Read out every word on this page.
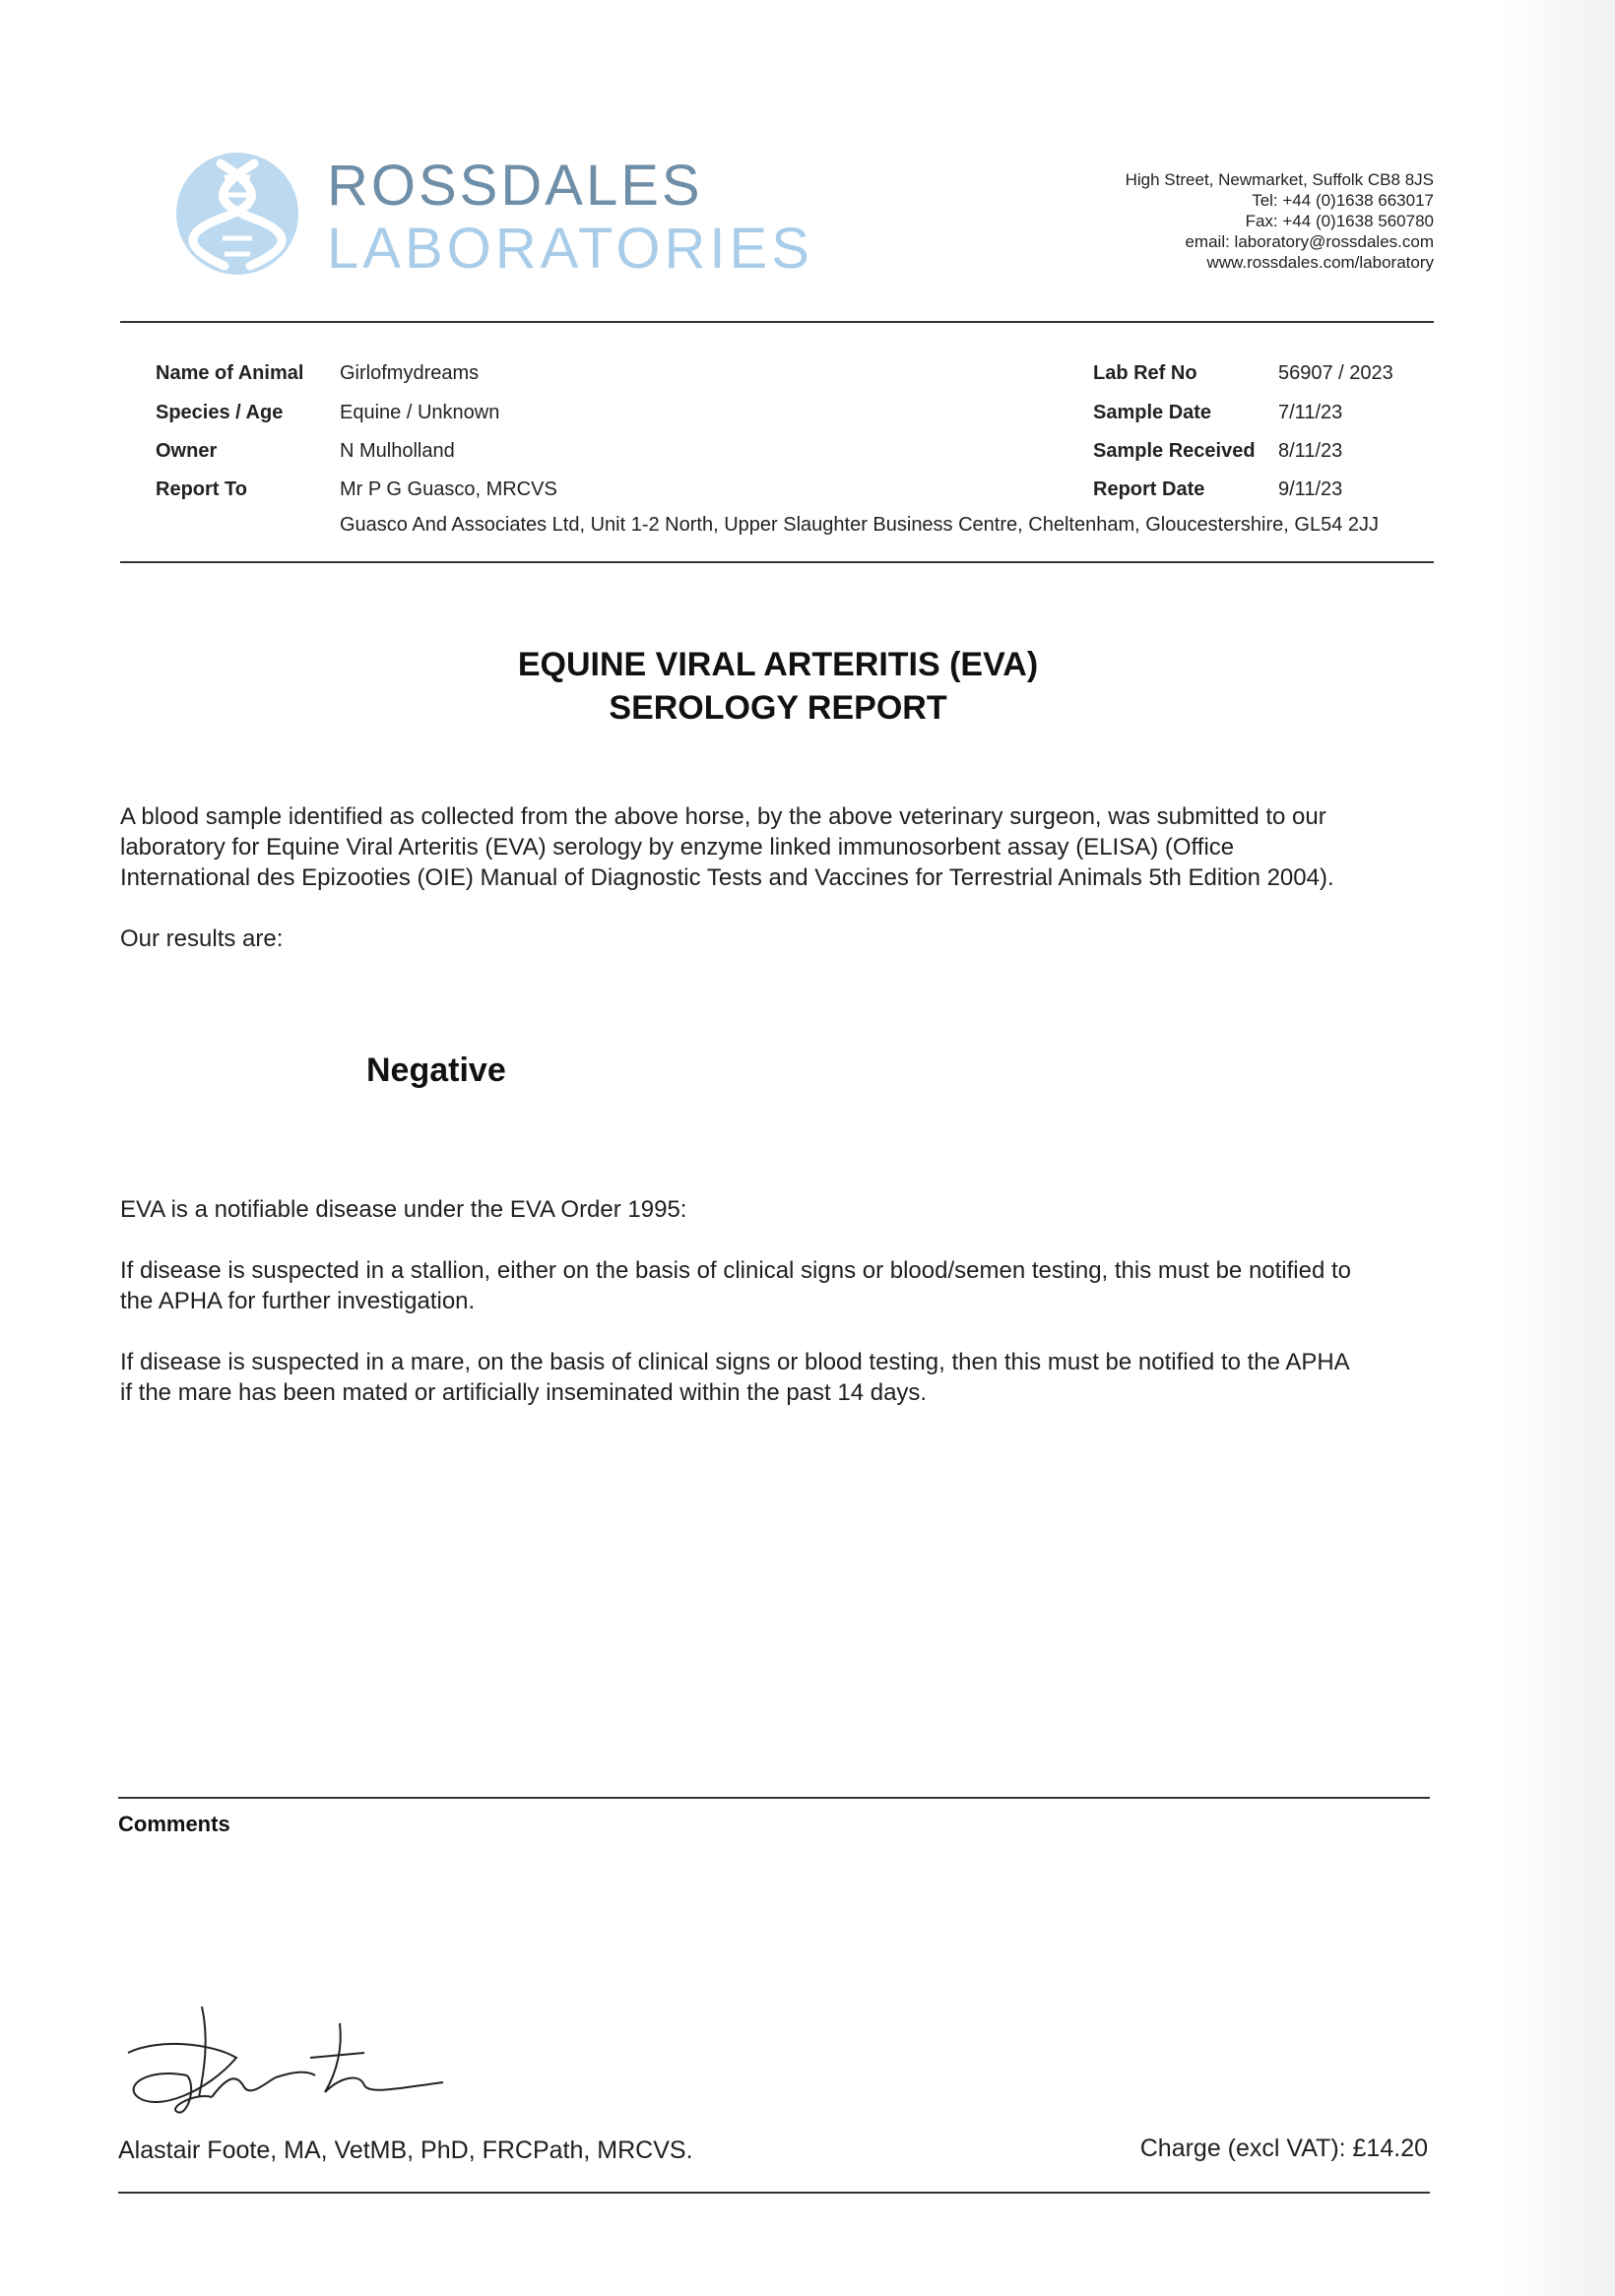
ROSSDALES
LABORATORIES
High Street, Newmarket, Suffolk CB8 8JS
Tel: +44 (0)1638 663017
Fax: +44 (0)1638 560780
email: laboratory@rossdales.com
www.rossdales.com/laboratory
Name of Animal Girlofmydreams
Species / Age	Equine / Unknown
Owner	N Mulholland
Report To	Mr P G Guasco, MRCVS
Guasco And Associates Ltd, Unit 1-2 North, Upper Slaughter Business Centre, Cheltenham, Gloucestershire, GL54 2JJ
Lab Ref No	56907 / 2023
Sample Date	7/11/23
Sample Received 8/11/23
Report Date	9/11/23
EQUINE VIRAL ARTERITIS (EVA)
SEROLOGY REPORT
A blood sample identified as collected from the above horse, by the above veterinary surgeon, was submitted to our
laboratory for Equine Viral Arteritis (EVA) serology by enzyme linked immunosorbent assay (ELISA) (Office
International des Epizooties (OIE) Manual of Diagnostic Tests and Vaccines for Terrestrial Animals 5th Edition 2004).
Our results are:
Negative
EVA is a notifiable disease under the EVA Order 1995:
If disease is suspected in a stallion, either on the basis of clinical signs or blood/semen testing, this must be notified to
the APHA for further investigation.
If disease is suspected in a mare, on the basis of clinical signs or blood testing, then this must be notified to the APHA
if the mare has been mated or artificially inseminated within the past 14 days.
Comments
Alastair Foote, MA, VetMB, PhD, FRCPath, MRCVS.	Charge (excl VAT): £14.20
